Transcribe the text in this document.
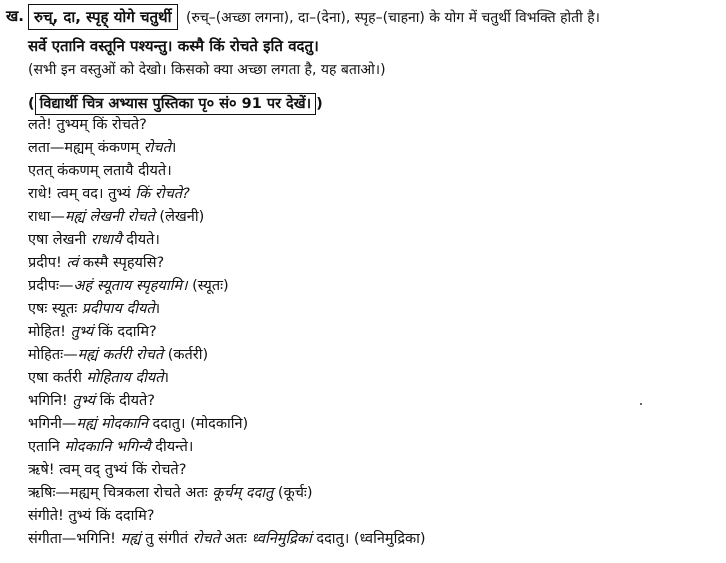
ख. रुच्, दा, स्पृह् योगे चतुर्थी (रुच्–(अच्छा लगना), दा–(देना), स्पृह–(चाहना) के योग में चतुर्थी विभक्ति होती है।
सर्वे एतानि वस्तूनि पश्यन्तु। कस्मै किं रोचते इति वदतु।
(सभी इन वस्तुओं को देखो। किसको क्या अच्छा लगता है, यह बताओ।)
( विद्यार्थी चित्र अभ्यास पुस्तिका पृ० सं० 91 पर देखें। )
लते! तुभ्यम् किं रोचते?
लता—मह्यम् कंकणम् रोचते।
एतत् कंकणम् लतायै दीयते।
राधे! त्वम् वद। तुभ्यं किं रोचते?
राधा—मह्यं लेखनी रोचते (लेखनी)
एषा लेखनी राधायै दीयते।
प्रदीप! त्वं कस्मै स्पृहयसि?
प्रदीपः—अहं स्यूताय स्पृहयामि। (स्यूतः)
एषः स्यूतः प्रदीपाय दीयते।
मोहित! तुभ्यं किं ददामि?
मोहितः—मह्यं कर्तरी रोचते (कर्तरी)
एषा कर्तरी मोहिताय दीयते।
भगिनि! तुभ्यं किं दीयते?
भगिनी—मह्यं मोदकानि ददातु। (मोदकानि)
एतानि मोदकानि भगिन्यै दीयन्ते।
ऋषे! त्वम् वद् तुभ्यं किं रोचते?
ऋषिः—मह्यम् चित्रकला रोचते अतः कूर्चम् ददातु (कूर्चः)
संगीते! तुभ्यं किं ददामि?
संगीता—भगिनि! मह्यं तु संगीतं रोचते अतः ध्वनिमुद्रिकां ददातु। (ध्वनिमुद्रिका)
